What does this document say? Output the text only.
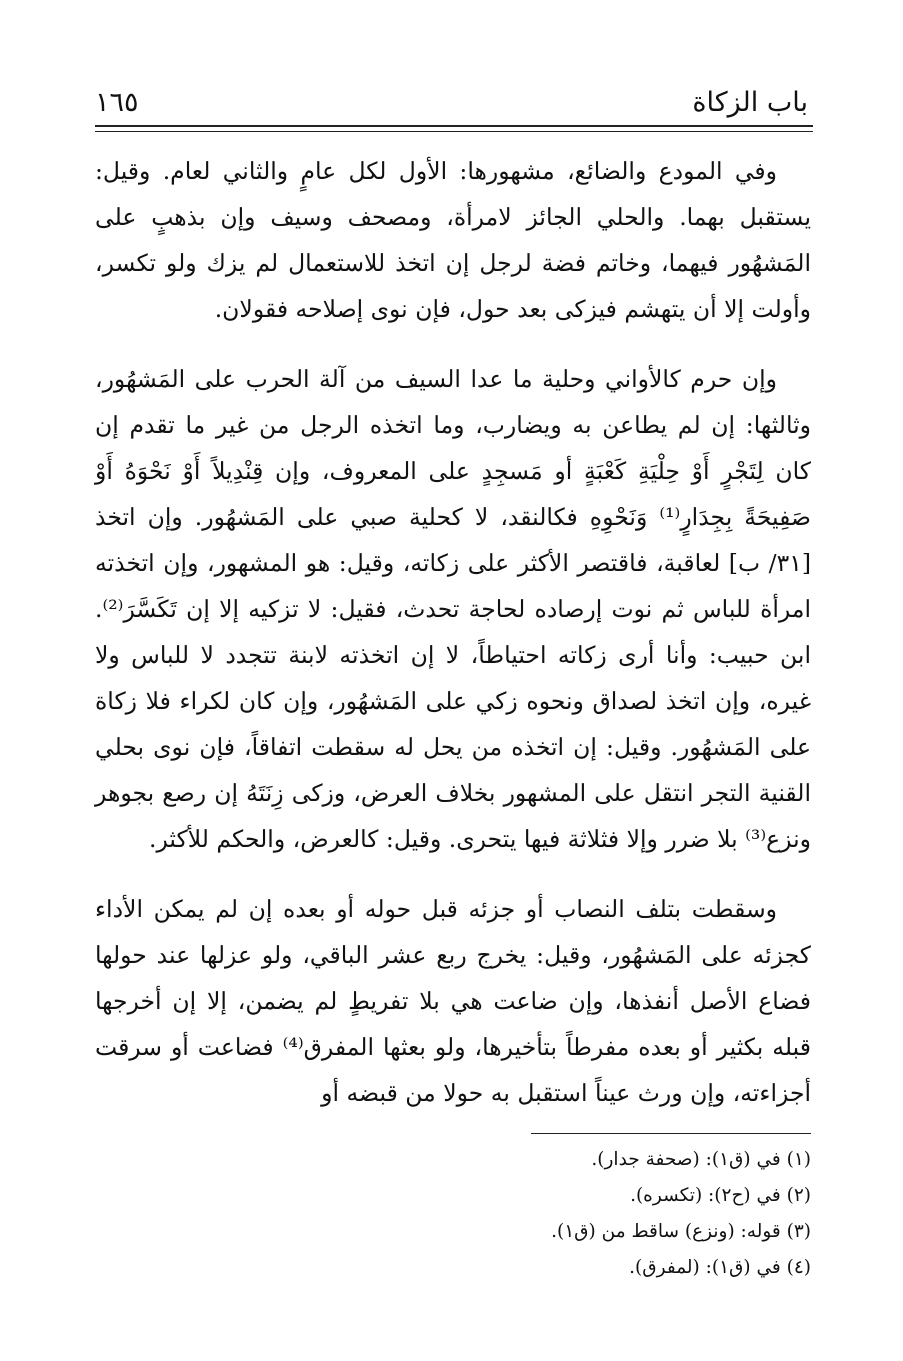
باب الزكاة
١٦٥

وفي المودع والضائع، مشهورها: الأول لكل عامٍ والثاني لعام. وقيل: يستقبل بهما. والحلي الجائز لامرأة، ومصحف وسيف وإن بذهبٍ على المَشهُور فيهما، وخاتم فضة لرجل إن اتخذ للاستعمال لم يزك ولو تكسر، وأولت إلا أن يتهشم فيزكى بعد حول، فإن نوى إصلاحه فقولان.

وإن حرم كالأواني وحلية ما عدا السيف من آلة الحرب على المَشهُور، وثالثها: إن لم يطاعن به ويضارب، وما اتخذه الرجل من غير ما تقدم إن كان لِتَجْرٍ أَوْ حِلْيَةِ كَعْبَةٍ أو مَسجِدٍ على المعروف، وإن قِنْدِيلاً أَوْ نَحْوَهُ أَوْ صَفِيحَةً بِجِدَارٍ⁽¹⁾ وَنَحْوِهِ فكالنقد، لا كحلية صبي على المَشهُور. وإن اتخذ [٣١/ ب] لعاقبة، فاقتصر الأكثر على زكاته، وقيل: هو المشهور، وإن اتخذته امرأة للباس ثم نوت إرصاده لحاجة تحدث، فقيل: لا تزكيه إلا إن تَكَسَّرَ⁽²⁾. ابن حبيب: وأنا أرى زكاته احتياطاً، لا إن اتخذته لابنة تتجدد لا للباس ولا غيره، وإن اتخذ لصداق ونحوه زكي على المَشهُور، وإن كان لكراء فلا زكاة على المَشهُور. وقيل: إن اتخذه من يحل له سقطت اتفاقاً، فإن نوى بحلي القنية التجر انتقل على المشهور بخلاف العرض، وزكى زِنَتَهُ إن رصع بجوهر ونزع⁽³⁾ بلا ضرر وإلا فثلاثة فيها يتحرى. وقيل: كالعرض، والحكم للأكثر.

وسقطت بتلف النصاب أو جزئه قبل حوله أو بعده إن لم يمكن الأداء كجزئه على المَشهُور، وقيل: يخرج ربع عشر الباقي، ولو عزلها عند حولها فضاع الأصل أنفذها، وإن ضاعت هي بلا تفريطٍ لم يضمن، إلا إن أخرجها قبله بكثير أو بعده مفرطاً بتأخيرها، ولو بعثها المفرق⁽⁴⁾ فضاعت أو سرقت أجزاءته، وإن ورث عيناً استقبل به حولا من قبضه أو

(١) في (ق١): (صحفة جدار).

(٢) في (ح٢): (تكسره).

(٣) قوله: (ونزع) ساقط من (ق١).

(٤) في (ق١): (لمفرق).
